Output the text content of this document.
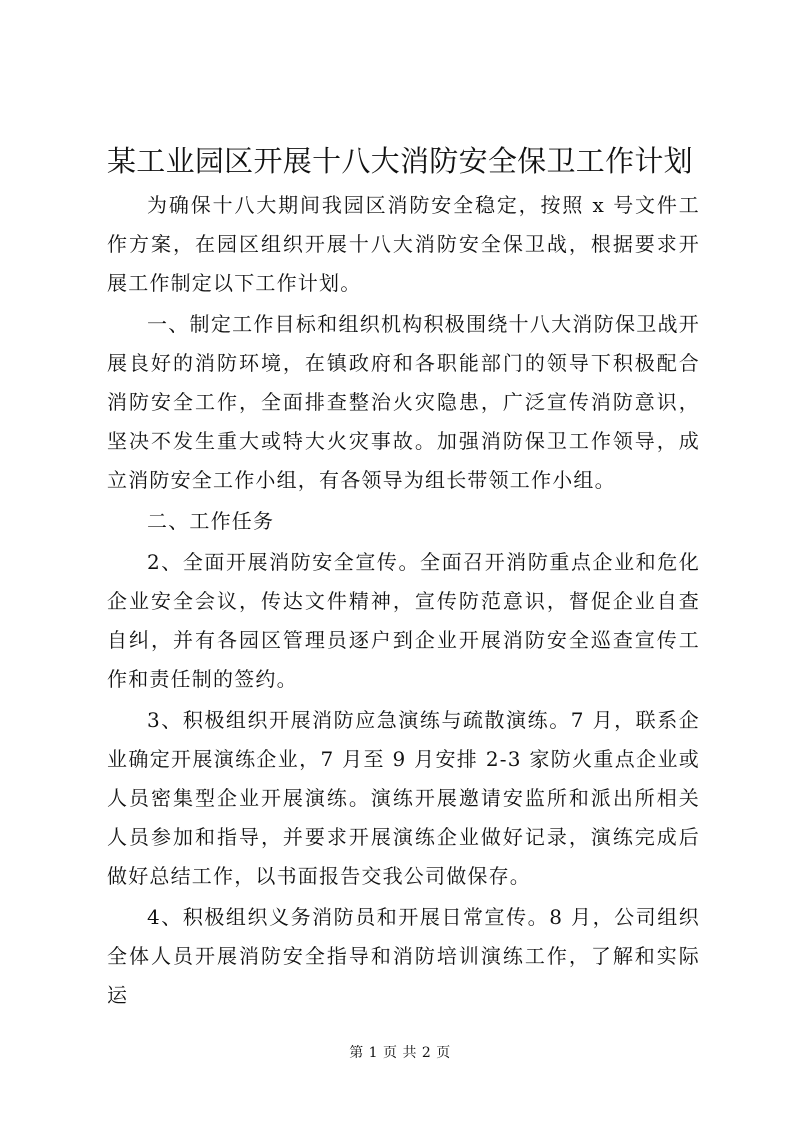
某工业园区开展十八大消防安全保卫工作计划

为确保十八大期间我园区消防安全稳定，按照 x 号文件工作方案，在园区组织开展十八大消防安全保卫战，根据要求开展工作制定以下工作计划。

一、制定工作目标和组织机构积极围绕十八大消防保卫战开展良好的消防环境，在镇政府和各职能部门的领导下积极配合消防安全工作，全面排查整治火灾隐患，广泛宣传消防意识，坚决不发生重大或特大火灾事故。加强消防保卫工作领导，成立消防安全工作小组，有各领导为组长带领工作小组。

二、工作任务

2、全面开展消防安全宣传。全面召开消防重点企业和危化企业安全会议，传达文件精神，宣传防范意识，督促企业自查自纠，并有各园区管理员逐户到企业开展消防安全巡查宣传工作和责任制的签约。

3、积极组织开展消防应急演练与疏散演练。7 月，联系企业确定开展演练企业，7 月至 9 月安排 2-3 家防火重点企业或人员密集型企业开展演练。演练开展邀请安监所和派出所相关人员参加和指导，并要求开展演练企业做好记录，演练完成后做好总结工作，以书面报告交我公司做保存。

4、积极组织义务消防员和开展日常宣传。8 月，公司组织全体人员开展消防安全指导和消防培训演练工作，了解和实际运

第 1 页 共 2 页
